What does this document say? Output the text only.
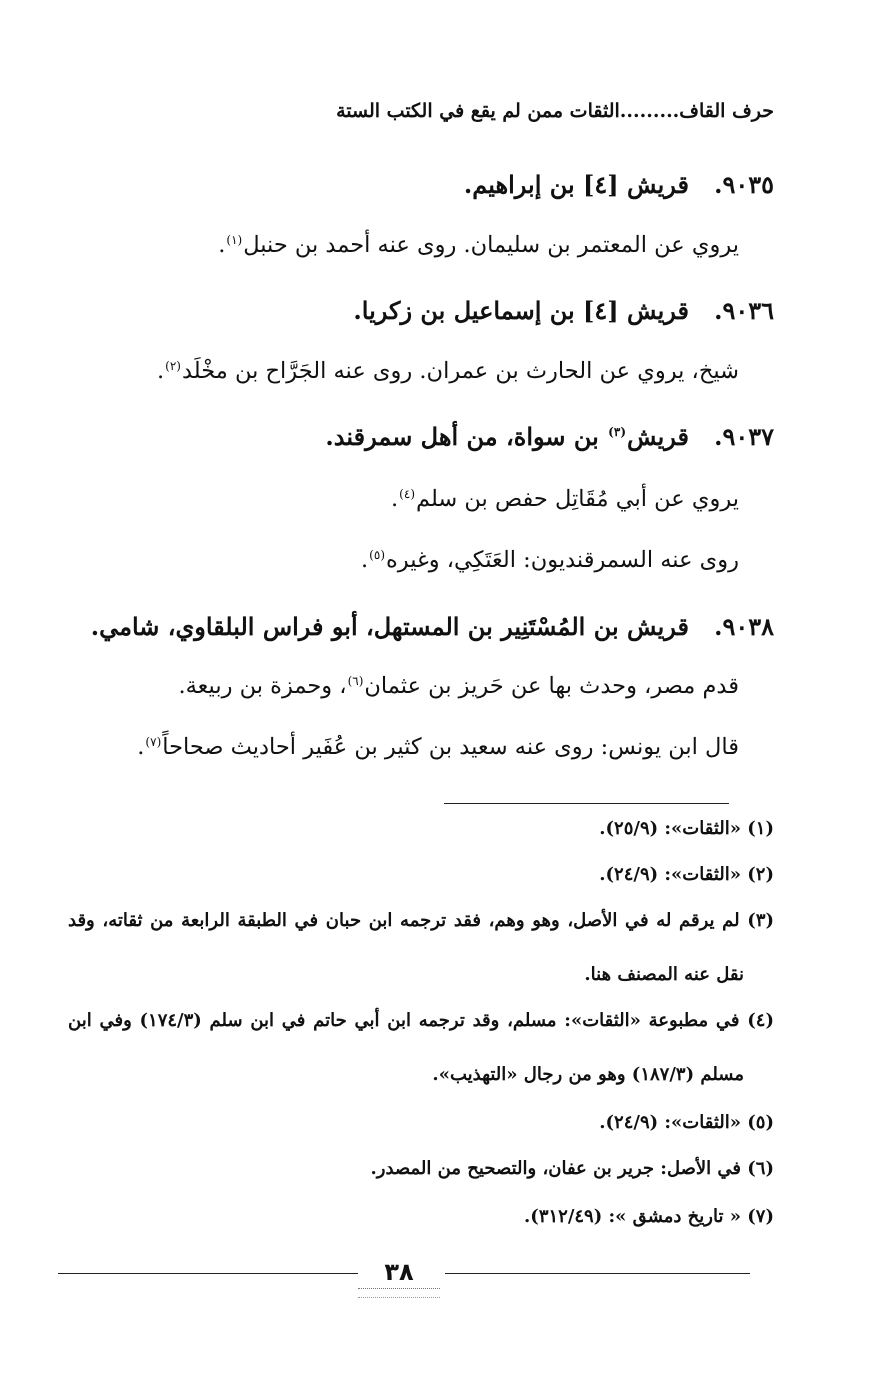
حرف القاف.........الثقات ممن لم يقع في الكتب الستة
٩٠٣٥.   قريش [٤] بن إبراهيم.
يروي عن المعتمر بن سليمان. روى عنه أحمد بن حنبل$^{(١)}$.
٩٠٣٦.   قريش [٤] بن إسماعيل بن زكريا.
شيخ، يروي عن الحارث بن عمران. روى عنه الجَرَّاح بن مخْلَد$^{(٢)}$.
٩٠٣٧.   قريش$^{(٣)}$ بن سواة، من أهل سمرقند.
يروي عن أبي مُقَاتِل حفص بن سلم$^{(٤)}$.
روى عنه السمرقنديون: العَتَكِي، وغيره$^{(٥)}$.
٩٠٣٨.   قريش بن المُسْتَنِير بن المستهل، أبو فراس البلقاوي، شامي.
قدم مصر، وحدث بها عن حَريز بن عثمان$^{(٦)}$، وحمزة بن ربيعة.
قال ابن يونس: روى عنه سعيد بن كثير بن عُفَير أحاديث صحاحاً$^{(٧)}$.
(١) «الثقات»: (٢٥/٩).
(٢) «الثقات»: (٢٤/٩).
(٣) لم يرقم له في الأصل، وهو وهم، فقد ترجمه ابن حبان في الطبقة الرابعة من ثقاته، وقد
نقل عنه المصنف هنا.
(٤) في مطبوعة «الثقات»: مسلم، وقد ترجمه ابن أبي حاتم في ابن سلم (١٧٤/٣) وفي ابن
مسلم (١٨٧/٣) وهو من رجال «التهذيب».
(٥) «الثقات»: (٢٤/٩).
(٦) في الأصل: جرير بن عفان، والتصحيح من المصدر.
(٧) « تاريخ دمشق »: (٣١٢/٤٩).
٣٨
